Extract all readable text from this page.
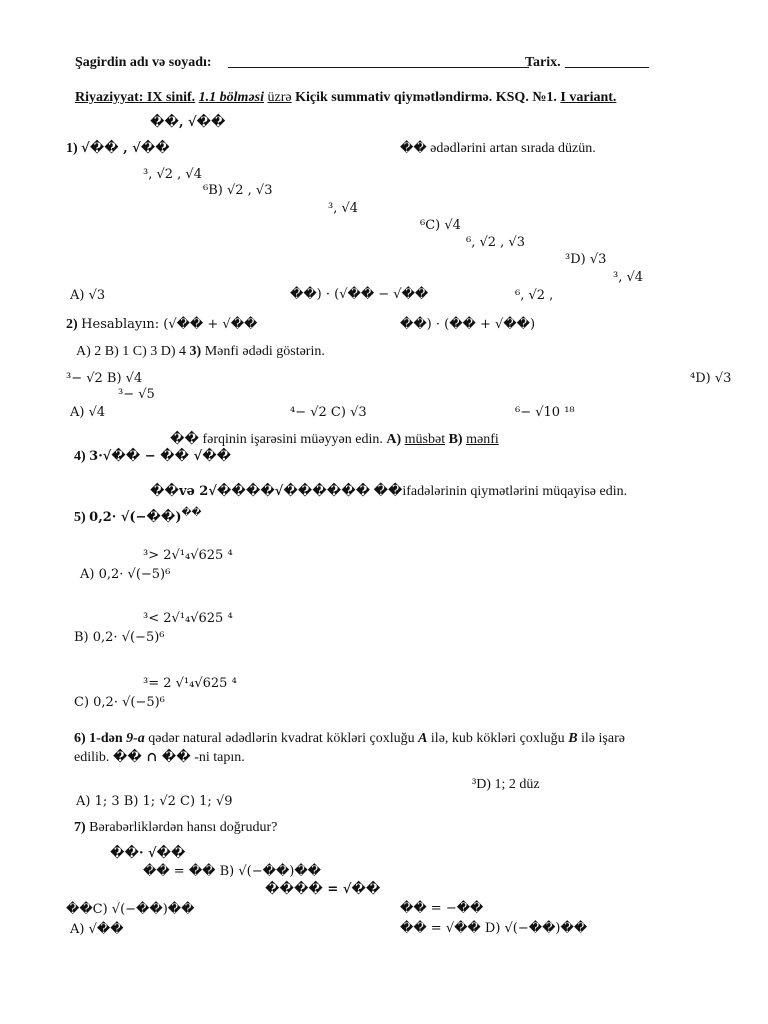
Şagirdin adı və soyadı: ___________________________________________
Tarix. ____________
Riyaziyyat: IX sinif. 1.1 bölməsi üzrə Kiçik summativ qiymətləndirmə. KSQ. №1. I variant.
��, √��
1) √�� , √��	�� ədədlərini artan sırada düzün.
³, √2 , √4
⁶B) √2 , √3
³, √4
⁶C) √4
⁶, √2 , √3
³D) √3
³, √4
A) √3	��) · (√�� − √��	⁶, √2 ,
2) Hesablayın: (√�� + √��	��) · (�� + √��)
A) 2 B) 1 C) 3 D) 4 3) Mənfi ədədi göstərin.
³− √2 B) √4	⁴D) √3
³− √5
A) √4	⁴− √2 C) √3	⁶− √10 ¹⁸
�� fərqinin işarəsini müəyyən edin. A) müsbət B) mənfi
4) 3·√�� − �� √��
��və 2√����√������ ��ifadələrinin qiymətlərini müqayisə edin.
5) 0,2· √(−��)��
³> 2√¹₄√625 ⁴
A) 0,2· √(−5)⁶
³< 2√¹₄√625 ⁴
B) 0,2· √(−5)⁶
³= 2 √¹₄√625 ⁴
C) 0,2· √(−5)⁶
6) 1-dən 9-a qədər natural ədədlərin kvadrat kökləri çoxluğu A ilə, kub kökləri çoxluğu B ilə işarə
edilib. �� ∩ �� -ni tapın.
³D) 1; 2 düz
A) 1; 3 B) 1; √2 C) 1; √9
7) Bərabərliklərdən hansı doğrudur?
��· √��
�� = �� B) √(−��)��
���� = √��
��C) √(−��)��	�� = −��
A) √��	�� = √�� D) √(−��)��
